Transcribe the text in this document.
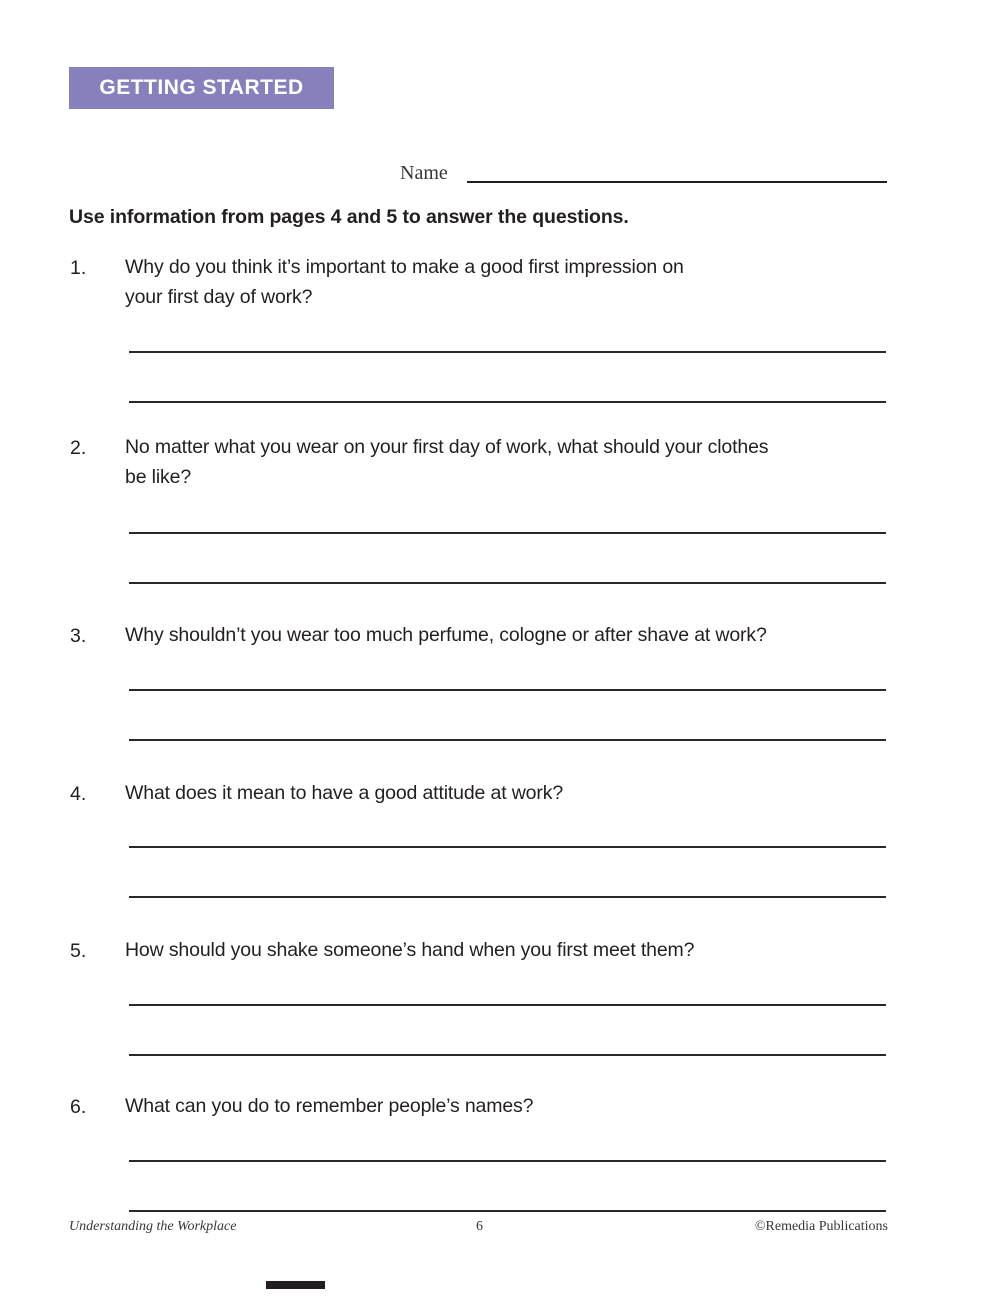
GETTING STARTED
Name
Use information from pages 4 and 5 to answer the questions.
1. Why do you think it’s important to make a good first impression on
your first day of work?
2. No matter what you wear on your first day of work, what should your clothes
be like?
3. Why shouldn’t you wear too much perfume, cologne or after shave at work?
4. What does it mean to have a good attitude at work?
5. How should you shake someone’s hand when you first meet them?
6. What can you do to remember people’s names?
Understanding the Workplace	6	©Remedia Publications
